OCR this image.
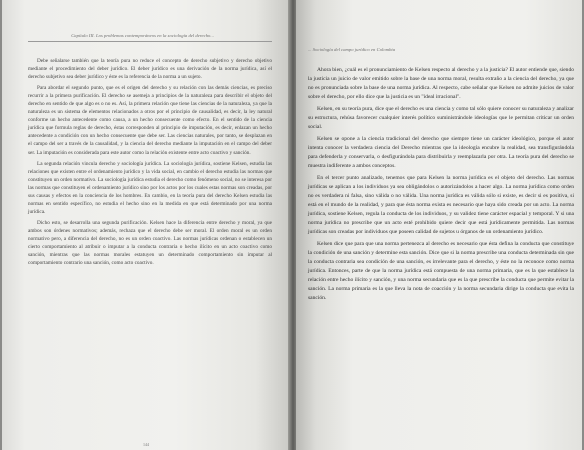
Capítulo III. Los problemas contemporáneos en la sociología del derecho...

Debe señalarse también que la teoría pura no reduce el concepto de derecho subjetivo y derecho objetivo mediante el procedimiento del deber jurídico. El deber jurídico es una derivación de la norma jurídica, así el derecho subjetivo sea deber jurídico y éste es la referencia de la norma a un sujeto.

Para abordar el segundo punto, que es el origen del derecho y su relación con las demás ciencias, es preciso recurrir a la primera purificación. El derecho se asemeja a principios de la naturaleza para describir el objeto del derecho en sentido de que algo es o no es. Así, la primera relación que tiene las ciencias de la naturaleza, ya que la naturaleza es un sistema de elementos relacionados a otros por el principio de causalidad, es decir, la ley natural conforme un hecho antecedente como causa, a un hecho consecuente como efecto. En el sentido de la ciencia jurídica que formula reglas de derecho, éstas corresponden al principio de imputación, es decir, enlazan un hecho antecedente a condición con un hecho consecuente que debe ser. Las ciencias naturales, por tanto, se desplazan en el campo del ser a través de la causalidad, y la ciencia del derecho mediante la imputación en el campo del deber ser. La imputación es considerada para este autor como la relación existente entre acto coactivo y sanción.

La segunda relación vincula derecho y sociología jurídica. La sociología jurídica, sostiene Kelsen, estudia las relaciones que existen entre el ordenamiento jurídico y la vida social, en cambio el derecho estudia las normas que constituyen un orden normativo. La sociología jurídica estudia el derecho como fenómeno social, no se interesa por las normas que constituyen el ordenamiento jurídico sino por los actos por los cuales estas normas son creadas, por sus causas y efectos en la conciencia de los hombres. En cambio, en la teoría pura del derecho Kelsen estudia las normas en sentido específico, no estudia el hecho sino en la medida en que está determinado por una norma jurídica.

Dicho esto, se desarrolla una segunda purificación. Kelsen hace la diferencia entre derecho y moral, ya que ambos son órdenes normativos; además, rechaza que el derecho debe ser moral. El orden moral es un orden normativo pero, a diferencia del derecho, no es un orden coactivo. Las normas jurídicas ordenan o establecen un cierto comportamiento al atribuir o imputar a la conducta contraria o hecho ilícito en un acto coactivo como sanción, mientras que las normas morales estatuyen un determinado comportamiento sin imputar al comportamiento contrario una sanción, como acto coactivo.

144

... Sociología del campo jurídico en Colombia

Ahora bien, ¿cuál es el pronunciamiento de Kelsen respecto al derecho y a la justicia? El autor entiende que, siendo la justicia un juicio de valor emitido sobre la base de una norma moral, resulta extraño a la ciencia del derecho, ya que no es pronunciada sobre la base de una norma jurídica. Al respecto, cabe señalar que Kelsen no admite juicios de valor sobre el derecho, por ello dice que la justicia es un "ideal irracional".

Kelsen, en su teoría pura, dice que el derecho es una ciencia y como tal sólo quiere conocer su naturaleza y analizar su estructura, rehúsa favorecer cualquier interés político suministrándole ideologías que le permitan criticar un orden social.

Kelsen se opone a la ciencia tradicional del derecho que siempre tiene un carácter ideológico, porque el autor intenta conocer la verdadera ciencia del Derecho mientras que la ideología encubre la realidad, sea transfigurándola para defenderla y conservarla, o desfigurándola para distribuirla y reemplazarla por otra. La teoría pura del derecho se muestra indiferente a ambos conceptos.

En el tercer punto analizado, tenemos que para Kelsen la norma jurídica es el objeto del derecho. Las normas jurídicas se aplican a los individuos ya sea obligándolos o autorizándolos a hacer algo. La norma jurídica como orden no es verdadera ni falsa, sino válida o no válida. Una norma jurídica es válida sólo si existe, es decir si es positiva, si está en el mundo de la realidad, y para que ésta norma exista es necesario que haya sido creada por un acto. La norma jurídica, sostiene Kelsen, regula la conducta de los individuos, y su validez tiene carácter espacial y temporal. Y si una norma jurídica no prescribe que un acto esté prohibido quiere decir que está jurídicamente permitida. Las normas jurídicas son creadas por individuos que poseen calidad de sujetos u órganos de un ordenamiento jurídico.

Kelsen dice que para que una norma pertenezca al derecho es necesario que ésta defina la conducta que constituye la condición de una sanción y determine esta sanción. Dice que si la norma prescribe una conducta determinada sin que la conducta contraria sea condición de una sanción, es irrelevante para el derecho, y éste no la reconoce como norma jurídica. Entonces, parte de que la norma jurídica está compuesta de una norma primaria, que es la que establece la relación entre hecho ilícito y sanción, y una norma secundaria que es la que prescribe la conducta que permite evitar la sanción. La norma primaria es la que lleva la nota de coacción y la norma secundaria dirige la conducta que evita la sanción.
